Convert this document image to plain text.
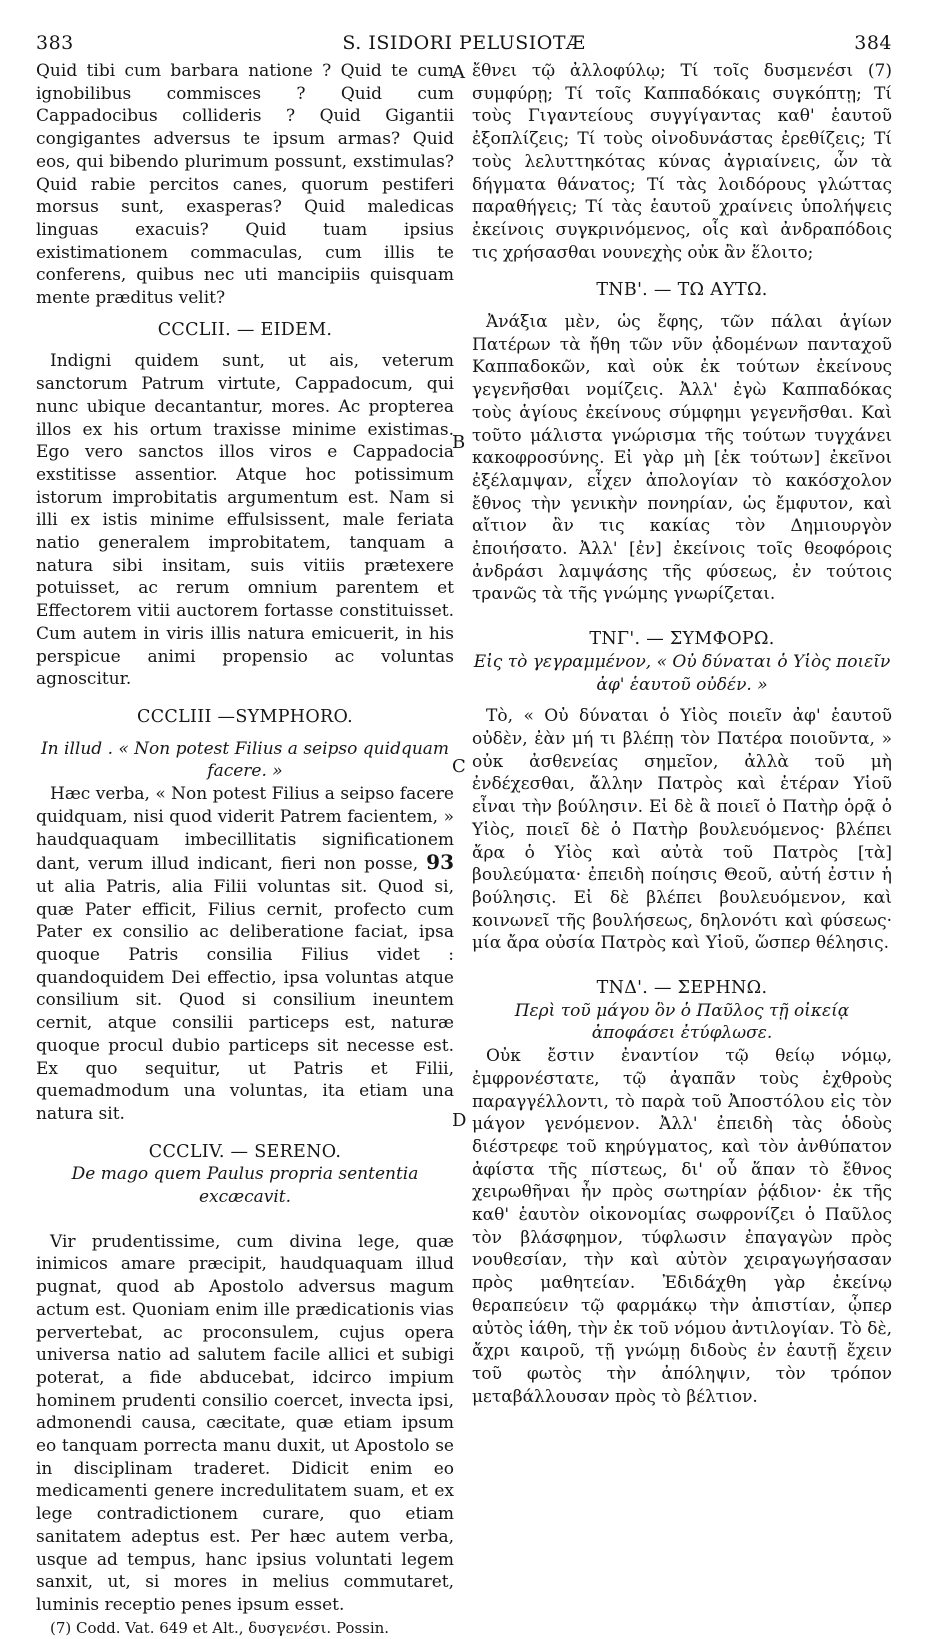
383	S. ISIDORI PELUSIOTÆ	384
A
B
C
D

Quid tibi cum barbara natione ? Quid te cum ignobilibus commisces ? Quid cum Cappadocibus collideris ? Quid Gigantii congigantes adversus te ipsum armas? Quid eos, qui bibendo plurimum possunt, exstimulas? Quid rabie percitos canes, quorum pestiferi morsus sunt, exasperas? Quid maledicas linguas exacuis? Quid tuam ipsius existimationem commaculas, cum illis te conferens, quibus nec uti mancipiis quisquam mente præditus velit?

CCCLII. — EIDEM.

Indigni quidem sunt, ut ais, veterum sanctorum Patrum virtute, Cappadocum, qui nunc ubique decantantur, mores. Ac propterea illos ex his ortum traxisse minime existimas. Ego vero sanctos illos viros e Cappadocia exstitisse assentior. Atque hoc potissimum istorum improbitatis argumentum est. Nam si illi ex istis minime effulsissent, male feriata natio generalem improbitatem, tanquam a natura sibi insitam, suis vitiis prætexere potuisset, ac rerum omnium parentem et Effectorem vitii auctorem fortasse constituisset. Cum autem in viris illis natura emicuerit, in his perspicue animi propensio ac voluntas agnoscitur.

CCCLIII —SYMPHORO.
In illud . « Non potest Filius a seipso quidquam facere. »

Hæc verba, « Non potest Filius a seipso facere quidquam, nisi quod viderit Patrem facientem, » haudquaquam imbecillitatis significationem dant, verum illud indicant, fieri non posse, 93 ut alia Patris, alia Filii voluntas sit. Quod si, quæ Pater efficit, Filius cernit, profecto cum Pater ex consilio ac deliberatione faciat, ipsa quoque Patris consilia Filius videt : quandoquidem Dei effectio, ipsa voluntas atque consilium sit. Quod si consilium ineuntem cernit, atque consilii particeps est, naturæ quoque procul dubio particeps sit necesse est. Ex quo sequitur, ut Patris et Filii, quemadmodum una voluntas, ita etiam una natura sit.

CCCLIV. — SERENO.
De mago quem Paulus propria sententia excæcavit.

Vir prudentissime, cum divina lege, quæ inimicos amare præcipit, haudquaquam illud pugnat, quod ab Apostolo adversus magum actum est. Quoniam enim ille prædicationis vias pervertebat, ac proconsulem, cujus opera universa natio ad salutem facile allici et subigi poterat, a fide abducebat, idcirco impium hominem prudenti consilio coercet, invecta ipsi, admonendi causa, cæcitate, quæ etiam ipsum eo tanquam porrecta manu duxit, ut Apostolo se in disciplinam traderet. Didicit enim eo medicamenti genere incredulitatem suam, et ex lege contradictionem curare, quo etiam sanitatem adeptus est. Per hæc autem verba, usque ad tempus, hanc ipsius voluntati legem sanxit, ut, si mores in melius commutaret, luminis receptio penes ipsum esset.

(7) Codd. Vat. 649 et Alt., δυσγενέσι. Possin.

ἔθνει τῷ ἀλλοφύλῳ; Τί τοῖς δυσμενέσι (7) συμφύρῃ; Τί τοῖς Καππαδόκαις συγκόπτῃ; Τί τοὺς Γιγαντείους συγγίγαντας καθ' ἑαυτοῦ ἐξοπλίζεις; Τί τοὺς οἰνοδυνάστας ἐρεθίζεις; Τί τοὺς λελυττηκότας κύνας ἀγριαίνεις, ὧν τὰ δήγματα θάνατος; Τί τὰς λοιδόρους γλώττας παραθήγεις; Τί τὰς ἑαυτοῦ χραίνεις ὑπολήψεις ἐκείνοις συγκρινόμενος, οἷς καὶ ἀνδραπόδοις τις χρήσασθαι νουνεχὴς οὐκ ἂν ἕλοιτο;

ΤΝΒ'. — ΤΩ ΑΥΤΩ.

Ἀνάξια μὲν, ὡς ἔφης, τῶν πάλαι ἁγίων Πατέρων τὰ ἤθη τῶν νῦν ᾀδομένων πανταχοῦ Καππαδοκῶν, καὶ οὐκ ἐκ τούτων ἐκείνους γεγενῆσθαι νομίζεις. Ἀλλ' ἐγὼ Καππαδόκας τοὺς ἁγίους ἐκείνους σύμφημι γεγενῆσθαι. Καὶ τοῦτο μάλιστα γνώρισμα τῆς τούτων τυγχάνει κακοφροσύνης. Εἰ γὰρ μὴ [ἐκ τούτων] ἐκεῖνοι ἐξέλαμψαν, εἶχεν ἀπολογίαν τὸ κακόσχολον ἔθνος τὴν γενικὴν πονηρίαν, ὡς ἔμφυτον, καὶ αἴτιον ἂν τις κακίας τὸν Δημιουργὸν ἐποιήσατο. Ἀλλ' [ἐν] ἐκείνοις τοῖς θεοφόροις ἀνδράσι λαμψάσης τῆς φύσεως, ἐν τούτοις τρανῶς τὰ τῆς γνώμης γνωρίζεται.

ΤΝΓ'. — ΣΥΜΦΟΡΩ.
Εἰς τὸ γεγραμμένον, « Οὐ δύναται ὁ Υἱὸς ποιεῖν ἀφ' ἑαυτοῦ οὐδέν. »

Τὸ, « Οὐ δύναται ὁ Υἱὸς ποιεῖν ἀφ' ἑαυτοῦ οὐδὲν, ἐὰν μή τι βλέπῃ τὸν Πατέρα ποιοῦντα, » οὐκ ἀσθενείας σημεῖον, ἀλλὰ τοῦ μὴ ἐνδέχεσθαι, ἄλλην Πατρὸς καὶ ἑτέραν Υἱοῦ εἶναι τὴν βούλησιν. Εἰ δὲ ἃ ποιεῖ ὁ Πατὴρ ὁρᾷ ὁ Υἱὸς, ποιεῖ δὲ ὁ Πατὴρ βουλευόμενος· βλέπει ἄρα ὁ Υἱὸς καὶ αὐτὰ τοῦ Πατρὸς [τὰ] βουλεύματα· ἐπειδὴ ποίησις Θεοῦ, αὐτή ἐστιν ἡ βούλησις. Εἰ δὲ βλέπει βουλευόμενον, καὶ κοινωνεῖ τῆς βουλήσεως, δηλονότι καὶ φύσεως· μία ἄρα οὐσία Πατρὸς καὶ Υἱοῦ, ὥσπερ θέλησις.

ΤΝΔ'. — ΣΕΡΗΝΩ.
Περὶ τοῦ μάγου ὃν ὁ Παῦλος τῇ οἰκείᾳ ἀποφάσει ἐτύφλωσε.

Οὐκ ἔστιν ἐναντίον τῷ θείῳ νόμῳ, ἐμφρονέστατε, τῷ ἀγαπᾶν τοὺς ἐχθροὺς παραγγέλλοντι, τὸ παρὰ τοῦ Ἀποστόλου εἰς τὸν μάγον γενόμενον. Ἀλλ' ἐπειδὴ τὰς ὁδοὺς διέστρεφε τοῦ κηρύγματος, καὶ τὸν ἀνθύπατον ἀφίστα τῆς πίστεως, δι' οὗ ἅπαν τὸ ἔθνος χειρωθῆναι ἦν πρὸς σωτηρίαν ῥᾴδιον· ἐκ τῆς καθ' ἑαυτὸν οἰκονομίας σωφρονίζει ὁ Παῦλος τὸν βλάσφημον, τύφλωσιν ἐπαγαγὼν πρὸς νουθεσίαν, τὴν καὶ αὐτὸν χειραγωγήσασαν πρὸς μαθητείαν. Ἐδιδάχθη γὰρ ἐκείνῳ θεραπεύειν τῷ φαρμάκῳ τὴν ἀπιστίαν, ᾧπερ αὐτὸς ἰάθη, τὴν ἐκ τοῦ νόμου ἀντιλογίαν. Τὸ δὲ, ἄχρι καιροῦ, τῇ γνώμῃ διδοὺς ἐν ἑαυτῇ ἔχειν τοῦ φωτὸς τὴν ἀπόληψιν, τὸν τρόπον μεταβάλλουσαν πρὸς τὸ βέλτιον.
